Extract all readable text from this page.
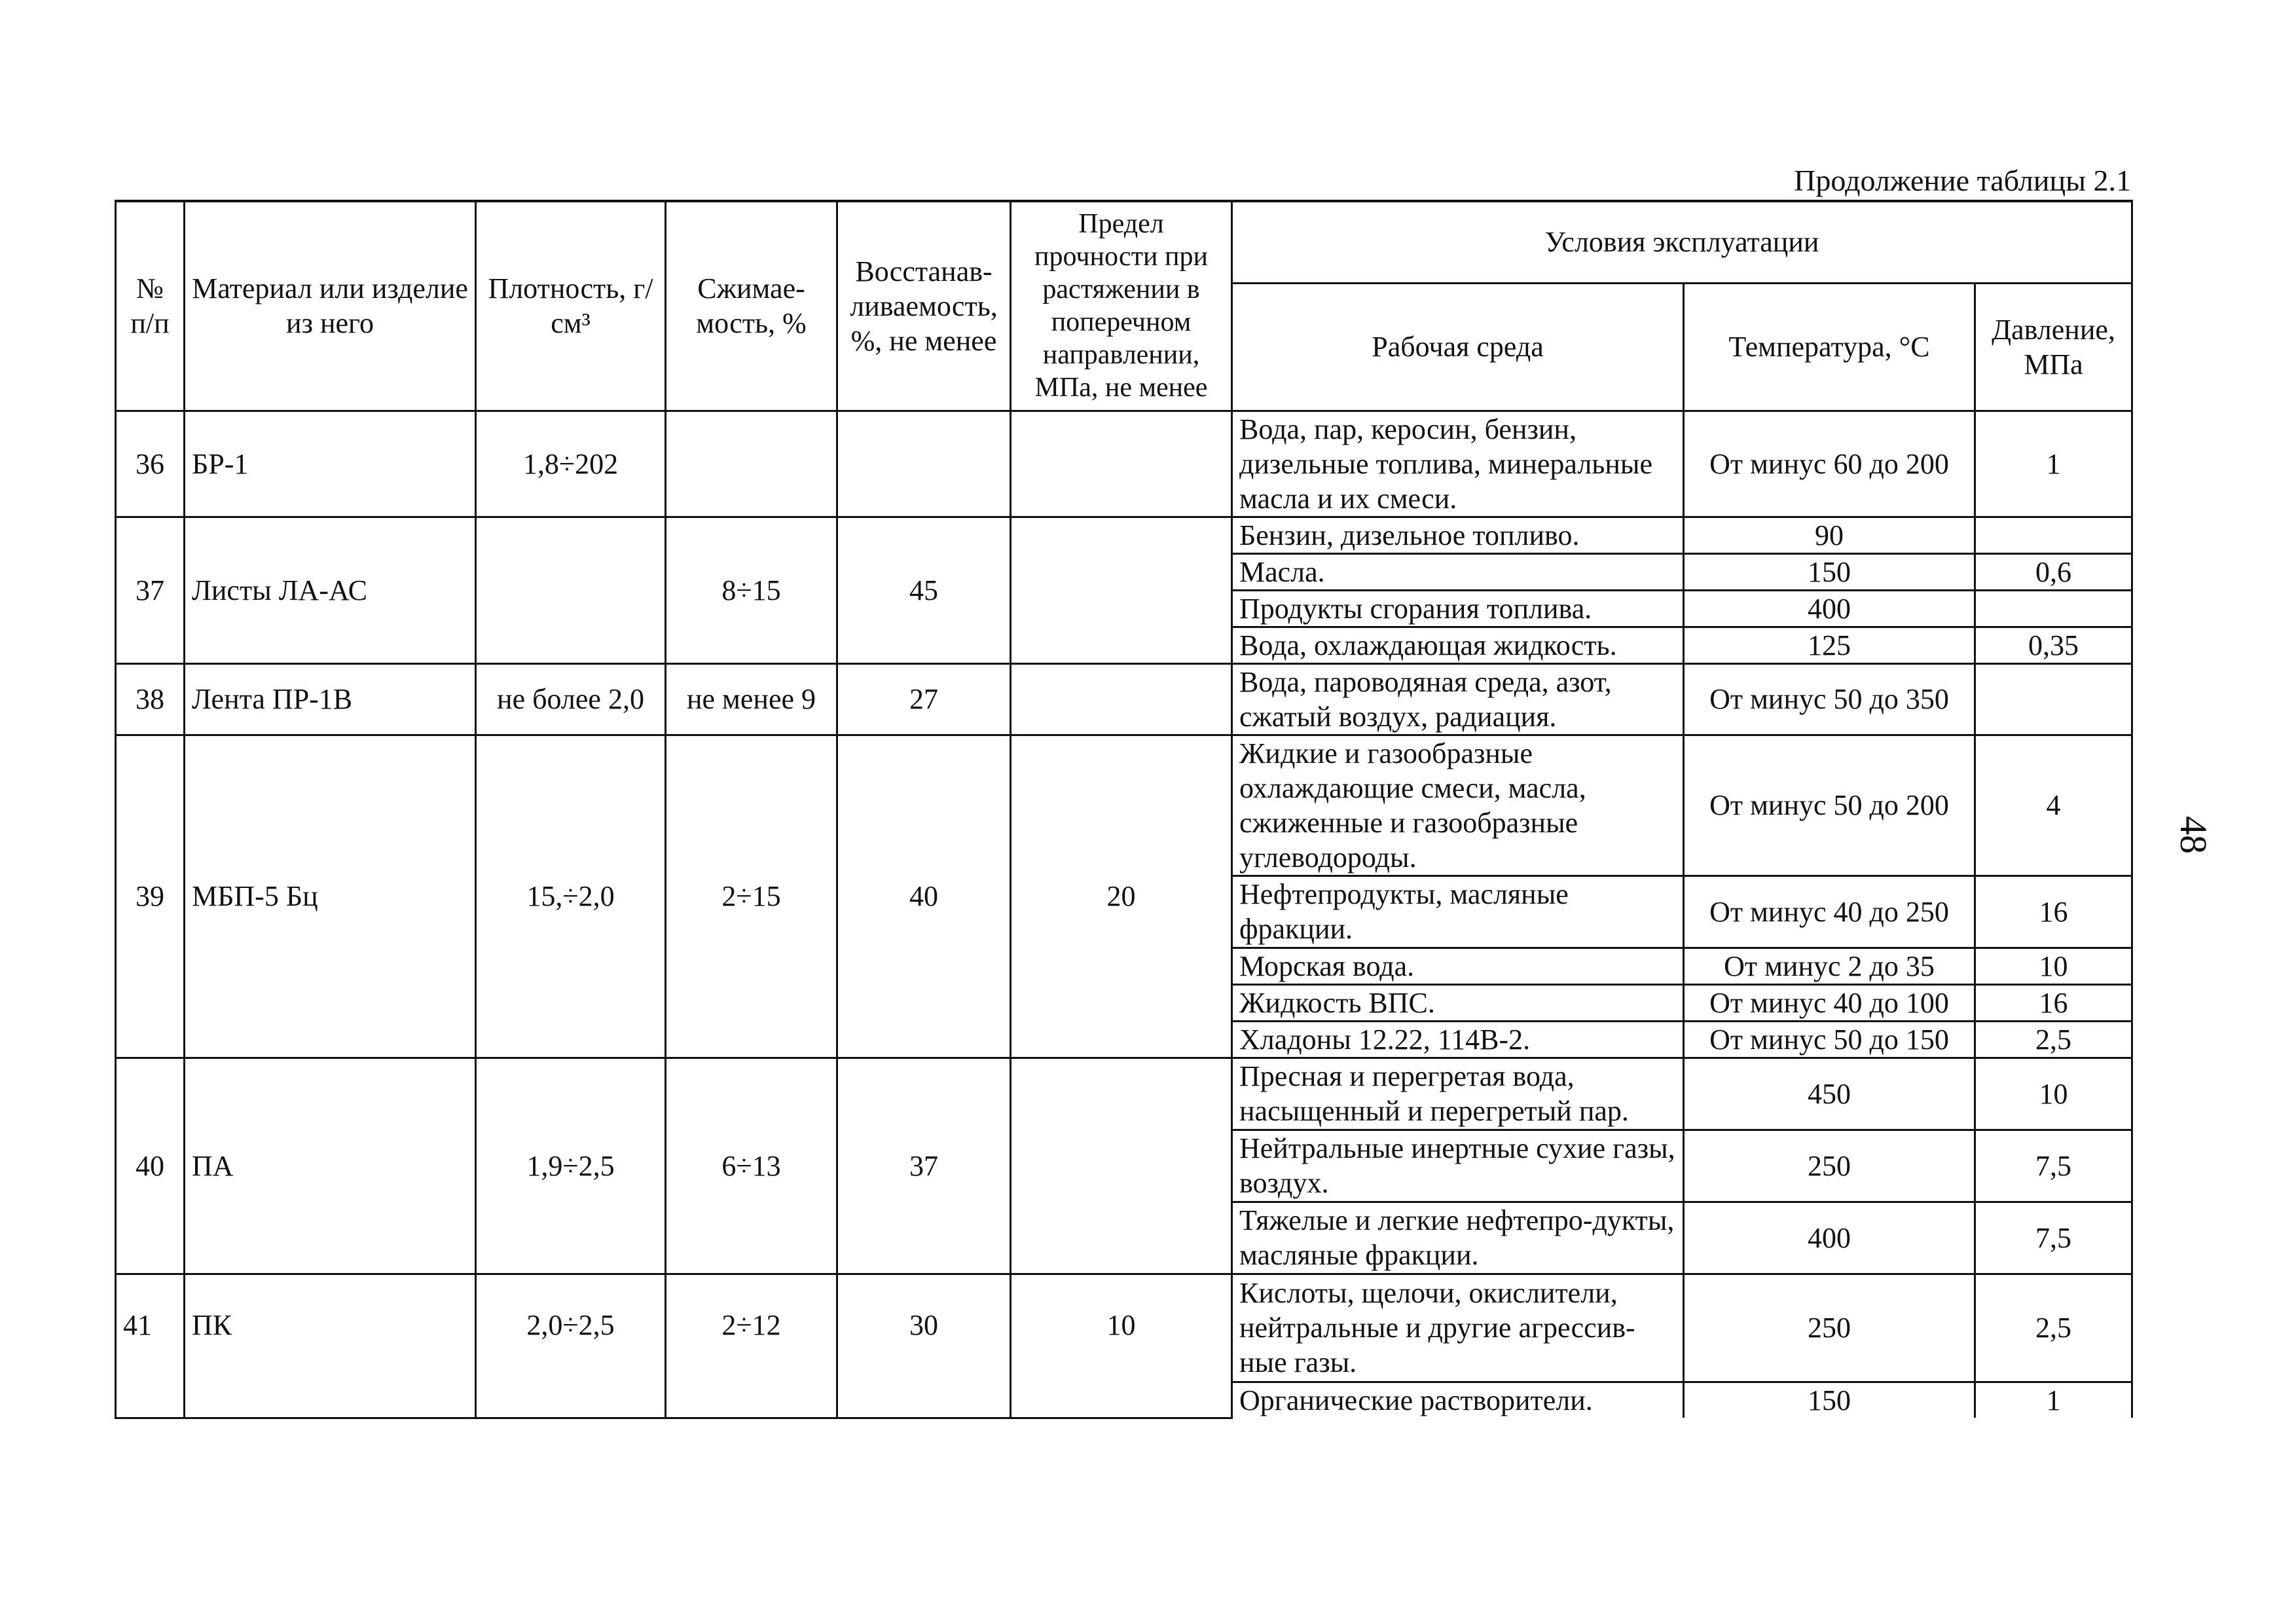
Продолжение таблицы 2.1
48
№ п/п	Материал или изделие из него	Плотность, г/см³	Сжимае-мость, %	Восстанав-ливаемость, %, не менее	Предел прочности при растяжении в поперечном направлении, МПа, не менее	Условия эксплуатации		
						Рабочая среда	Температура, °С	Давление, МПа
36	БР-1	1,8÷202				Вода, пар, керосин, бензин, дизельные топлива, минеральные масла и их смеси.	От минус 60 до 200	1
37	Листы ЛА-АС		8÷15	45		Бензин, дизельное топливо.	90	
						Масла.	150	0,6
						Продукты сгорания топлива.	400	
						Вода, охлаждающая жидкость.	125	0,35
38	Лента ПР-1В	не более 2,0	не менее 9	27		Вода, пароводяная среда, азот, сжатый воздух, радиация.	От минус 50 до 350	
39	МБП-5 Бц	15,÷2,0	2÷15	40	20	Жидкие и газообразные охлаждающие смеси, масла, сжиженные и газообразные углеводороды.	От минус 50 до 200	4
						Нефтепродукты, масляные фракции.	От минус 40 до 250	16
						Морская вода.	От минус 2 до 35	10
						Жидкость ВПС.	От минус 40 до 100	16
						Хладоны 12.22, 114В-2.	От минус 50 до 150	2,5
40	ПА	1,9÷2,5	6÷13	37		Пресная и перегретая вода, насыщенный и перегретый пар.	450	10
						Нейтральные инертные сухие газы, воздух.	250	7,5
						Тяжелые и легкие нефтепро-дукты, масляные фракции.	400	7,5
41	ПК	2,0÷2,5	2÷12	30	10	Кислоты, щелочи, окислители, нейтральные и другие агрессив-ные газы.	250	2,5
						Органические растворители.	150	1
